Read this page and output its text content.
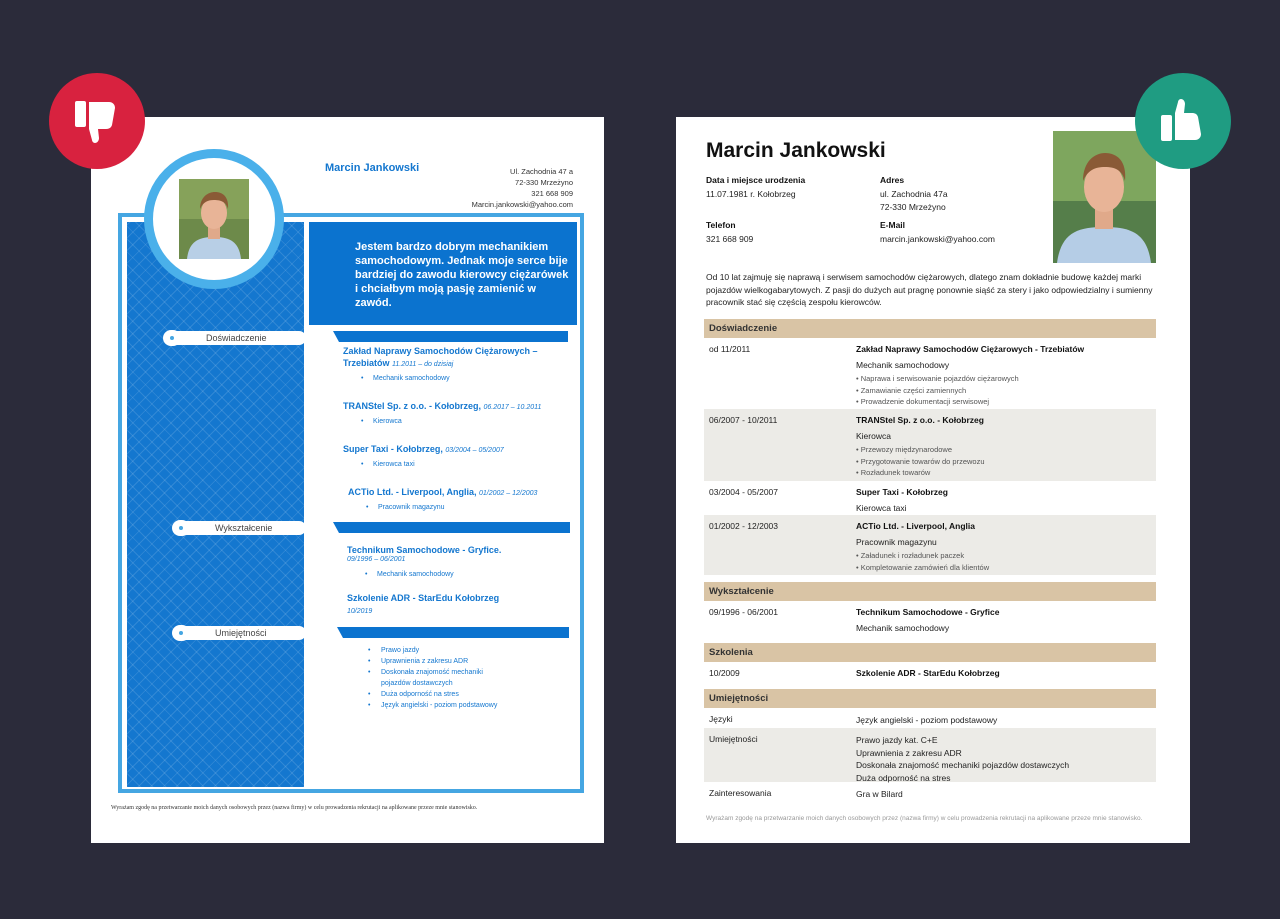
Jestem bardzo dobrym mechanikiem samochodowym. Jednak moje serce bije bardziej do zawodu kierowcy ciężarówek i chciałbym moją pasję zamienić w zawód.
Marcin Jankowski	Ul. Zachodnia 47 a
72-330 Mrzeżyno
321 668 909
Marcin.jankowski@yahoo.com
Doświadczenie
Zakład Naprawy Samochodów Ciężarowych – Trzebiatów 11.2011 – do dzisiaj
• Mechanik samochodowy
TRANStel Sp. z o.o. - Kołobrzeg, 06.2017 – 10.2011
• Kierowca
Super Taxi - Kołobrzeg, 03/2004 – 05/2007
• Kierowca taxi
ACTio Ltd. - Liverpool, Anglia, 01/2002 – 12/2003
• Pracownik magazynu
Wykształcenie
Technikum Samochodowe - Gryfice.
09/1996 – 06/2001
• Mechanik samochodowy
Szkolenie ADR - StarEdu Kołobrzeg
10/2019
Umiejętności
• Prawo jazdy
• Uprawnienia z zakresu ADR
• Doskonała znajomość mechaniki
pojazdów dostawczych
• Duża odporność na stres
• Język angielski - poziom podstawowy
Wyrażam zgodę na przetwarzanie moich danych osobowych przez (nazwa firmy) w celu prowadzenia rekrutacji na aplikowane przeze mnie stanowisko.
Marcin Jankowski
Data i miejsce urodzenia
11.07.1981 r. Kołobrzeg
Adres
ul. Zachodnia 47a
72-330 Mrzeżyno
Telefon
321 668 909
E-Mail
marcin.jankowski@yahoo.com
Od 10 lat zajmuję się naprawą i serwisem samochodów ciężarowych, dlatego znam dokładnie budowę każdej marki pojazdów wielkogabarytowych. Z pasji do dużych aut pragnę ponownie siąść za stery i jako odpowiedzialny i sumienny pracownik stać się częścią zespołu kierowców.
Doświadczenie
od 11/2011	Zakład Naprawy Samochodów Ciężarowych - Trzebiatów
Mechanik samochodowy
• Naprawa i serwisowanie pojazdów ciężarowych
• Zamawianie części zamiennych
• Prowadzenie dokumentacji serwisowej
06/2007 - 10/2011	TRANStel Sp. z o.o. - Kołobrzeg
Kierowca
• Przewozy międzynarodowe
• Przygotowanie towarów do przewozu
• Rozładunek towarów
03/2004 - 05/2007	Super Taxi - Kołobrzeg
Kierowca taxi
01/2002 - 12/2003	ACTio Ltd. - Liverpool, Anglia
Pracownik magazynu
• Załadunek i rozładunek paczek
• Kompletowanie zamówień dla klientów
Wykształcenie
09/1996 - 06/2001	Technikum Samochodowe - Gryfice
Mechanik samochodowy
Szkolenia
10/2009	Szkolenie ADR - StarEdu Kołobrzeg
Umiejętności
Języki	Język angielski - poziom podstawowy
Umiejętności	Prawo jazdy kat. C+E
Uprawnienia z zakresu ADR
Doskonała znajomość mechaniki pojazdów dostawczych
Duża odporność na stres
Zainteresowania	Gra w Bilard
Wyrażam zgodę na przetwarzanie moich danych osobowych przez (nazwa firmy) w celu prowadzenia rekrutacji na aplikowane przeze mnie stanowisko.
